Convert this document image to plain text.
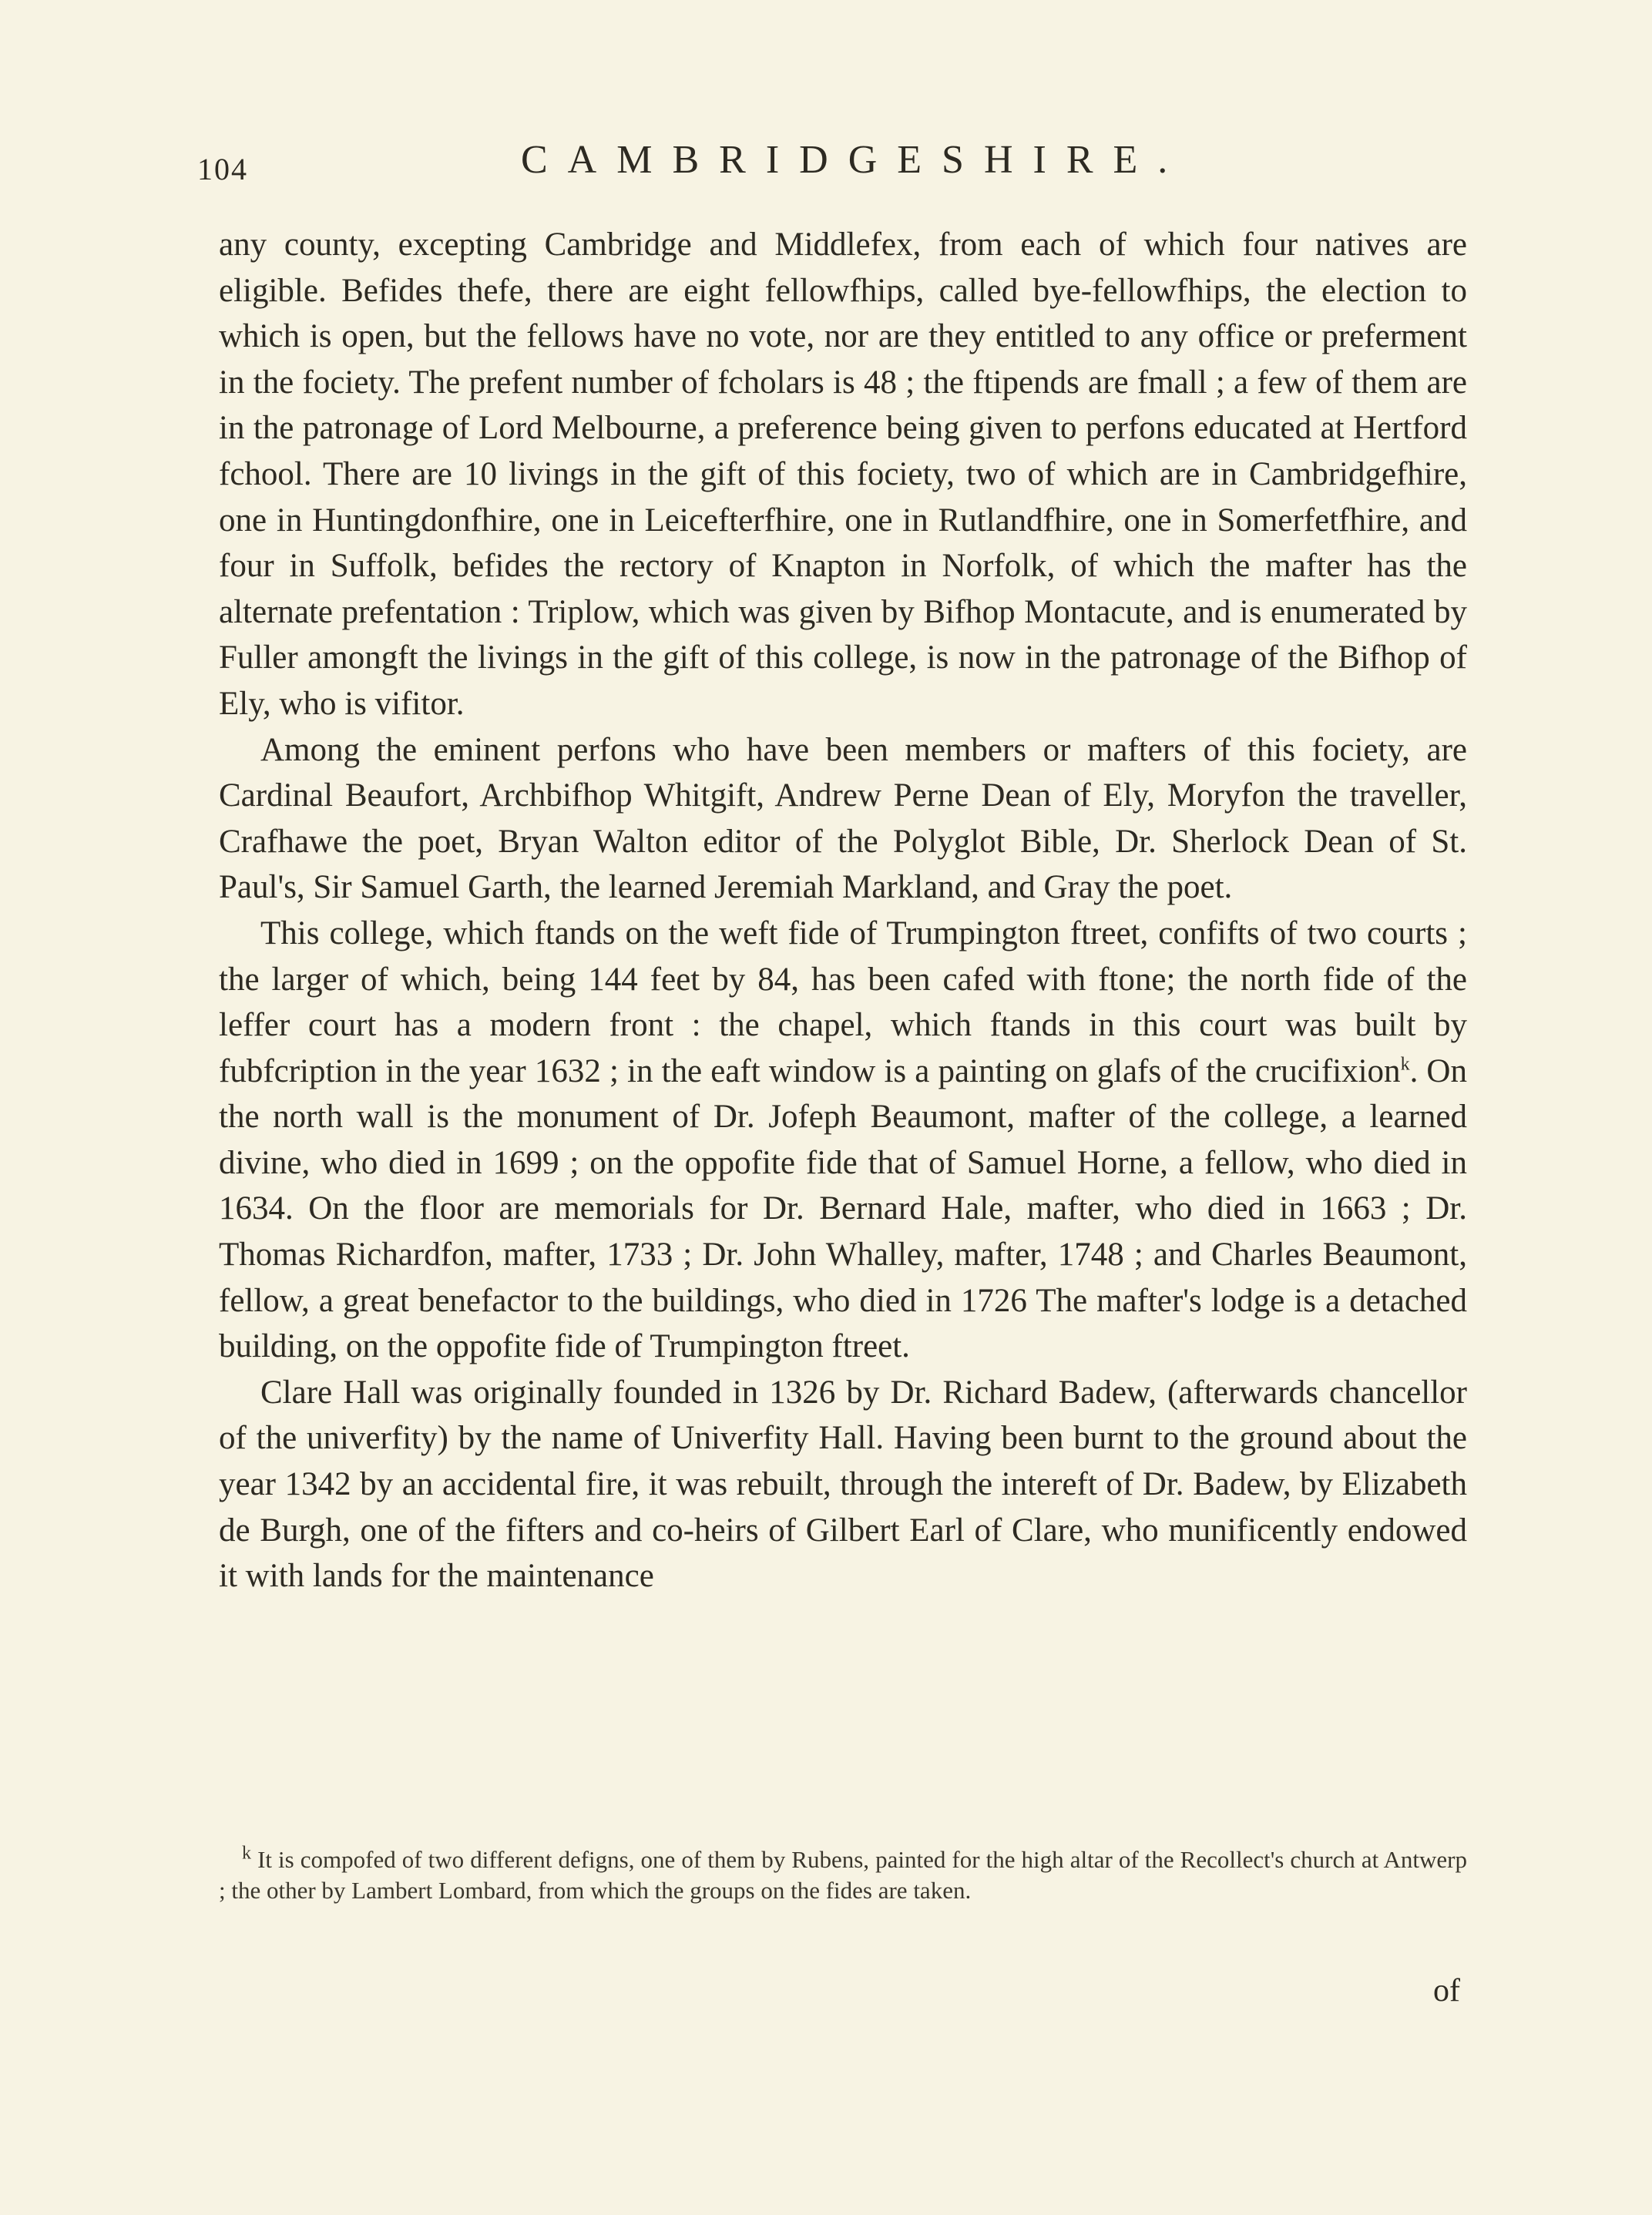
104	CAMBRIDGESHIRE.

any county, excepting Cambridge and Middlefex, from each of which four natives are eligible. Befides thefe, there are eight fellowfhips, called bye-fellowfhips, the election to which is open, but the fellows have no vote, nor are they entitled to any office or preferment in the fociety. The prefent number of fcholars is 48 ; the ftipends are fmall ; a few of them are in the patronage of Lord Melbourne, a preference being given to perfons educated at Hertford fchool. There are 10 livings in the gift of this fociety, two of which are in Cambridgefhire, one in Huntingdonfhire, one in Leicefterfhire, one in Rutlandfhire, one in Somerfetfhire, and four in Suffolk, befides the rectory of Knapton in Norfolk, of which the mafter has the alternate prefentation : Triplow, which was given by Bifhop Montacute, and is enumerated by Fuller amongft the livings in the gift of this college, is now in the patronage of the Bifhop of Ely, who is vifitor.

Among the eminent perfons who have been members or mafters of this fociety, are Cardinal Beaufort, Archbifhop Whitgift, Andrew Perne Dean of Ely, Moryfon the traveller, Crafhawe the poet, Bryan Walton editor of the Polyglot Bible, Dr. Sherlock Dean of St. Paul's, Sir Samuel Garth, the learned Jeremiah Markland, and Gray the poet.

This college, which ftands on the weft fide of Trumpington ftreet, confifts of two courts ; the larger of which, being 144 feet by 84, has been cafed with ftone; the north fide of the leffer court has a modern front : the chapel, which ftands in this court was built by fubfcription in the year 1632 ; in the eaft window is a painting on glafs of the crucifixion$^k$. On the north wall is the monument of Dr. Jofeph Beaumont, mafter of the college, a learned divine, who died in 1699 ; on the oppofite fide that of Samuel Horne, a fellow, who died in 1634. On the floor are memorials for Dr. Bernard Hale, mafter, who died in 1663 ; Dr. Thomas Richardfon, mafter, 1733 ; Dr. John Whalley, mafter, 1748 ; and Charles Beaumont, fellow, a great benefactor to the buildings, who died in 1726 The mafter's lodge is a detached building, on the oppofite fide of Trumpington ftreet.

Clare Hall was originally founded in 1326 by Dr. Richard Badew, (afterwards chancellor of the univerfity) by the name of Univerfity Hall. Having been burnt to the ground about the year 1342 by an accidental fire, it was rebuilt, through the intereft of Dr. Badew, by Elizabeth de Burgh, one of the fifters and co-heirs of Gilbert Earl of Clare, who munificently endowed it with lands for the maintenance

$^k$ It is compofed of two different defigns, one of them by Rubens, painted for the high altar of the Recollect's church at Antwerp ; the other by Lambert Lombard, from which the groups on the fides are taken.
of
